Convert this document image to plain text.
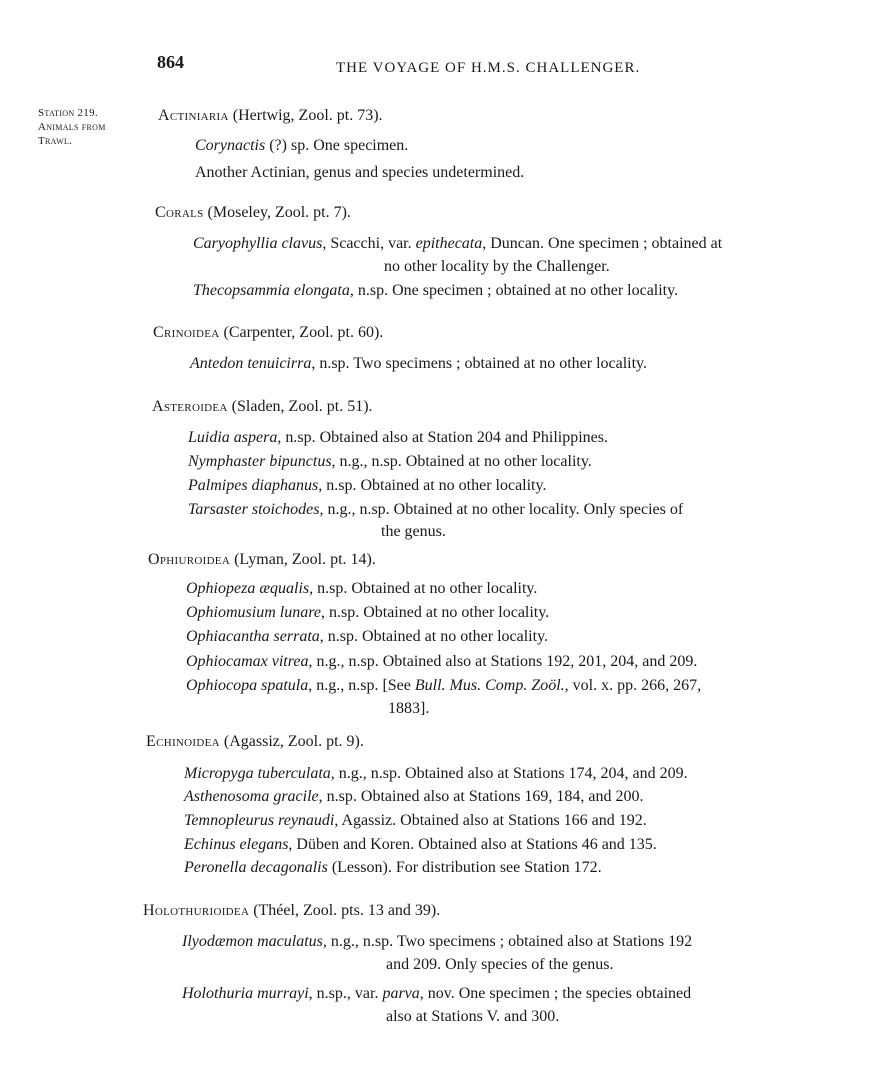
864	THE VOYAGE OF H.M.S. CHALLENGER.
Station 219.
Animals from
Trawl.
Actiniaria (Hertwig, Zool. pt. 73).
Corynactis (?) sp. One specimen.
Another Actinian, genus and species undetermined.
Corals (Moseley, Zool. pt. 7).
Caryophyllia clavus, Scacchi, var. epithecata, Duncan. One specimen ; obtained at
no other locality by the Challenger.
Thecopsammia elongata, n.sp. One specimen ; obtained at no other locality.
Crinoidea (Carpenter, Zool. pt. 60).
Antedon tenuicirra, n.sp. Two specimens ; obtained at no other locality.
Asteroidea (Sladen, Zool. pt. 51).
Luidia aspera, n.sp. Obtained also at Station 204 and Philippines.
Nymphaster bipunctus, n.g., n.sp. Obtained at no other locality.
Palmipes diaphanus, n.sp. Obtained at no other locality.
Tarsaster stoichodes, n.g., n.sp. Obtained at no other locality. Only species of
the genus.
Ophiuroidea (Lyman, Zool. pt. 14).
Ophiopeza æqualis, n.sp. Obtained at no other locality.
Ophiomusium lunare, n.sp. Obtained at no other locality.
Ophiacantha serrata, n.sp. Obtained at no other locality.
Ophiocamax vitrea, n.g., n.sp. Obtained also at Stations 192, 201, 204, and 209.
Ophiocopa spatula, n.g., n.sp. [See Bull. Mus. Comp. Zoöl., vol. x. pp. 266, 267,
1883].
Echinoidea (Agassiz, Zool. pt. 9).
Micropyga tuberculata, n.g., n.sp. Obtained also at Stations 174, 204, and 209.
Asthenosoma gracile, n.sp. Obtained also at Stations 169, 184, and 200.
Temnopleurus reynaudi, Agassiz. Obtained also at Stations 166 and 192.
Echinus elegans, Düben and Koren. Obtained also at Stations 46 and 135.
Peronella decagonalis (Lesson). For distribution see Station 172.
Holothurioidea (Théel, Zool. pts. 13 and 39).
Ilyodæmon maculatus, n.g., n.sp. Two specimens ; obtained also at Stations 192
and 209. Only species of the genus.
Holothuria murrayi, n.sp., var. parva, nov. One specimen ; the species obtained
also at Stations V. and 300.
